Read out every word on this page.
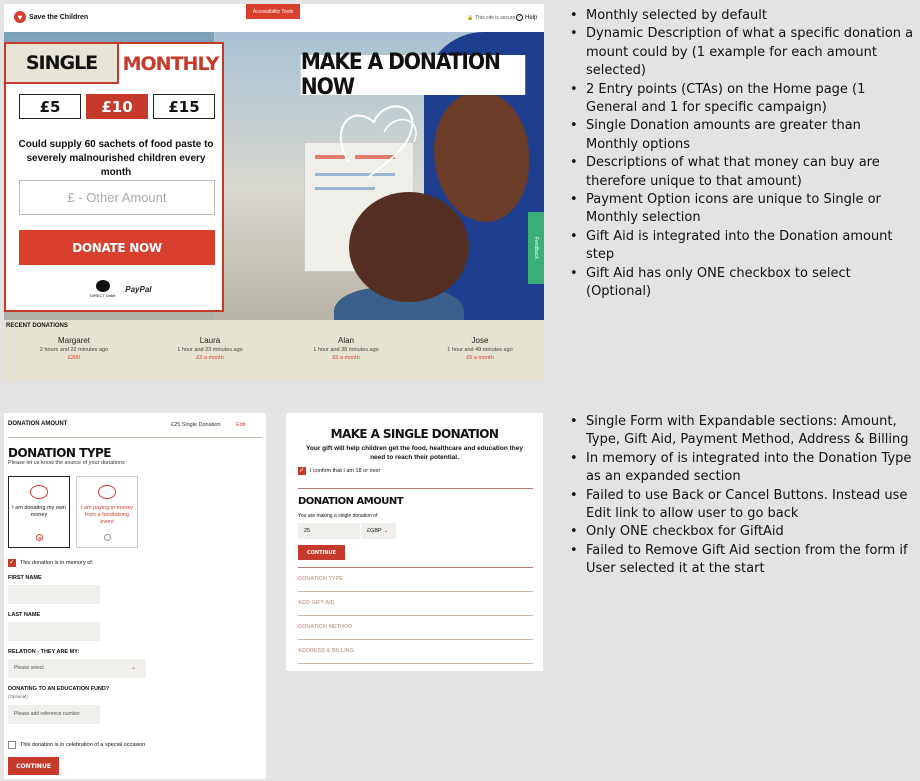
♥ Save the Children
Accessibility Tools
🔒 This site is secure ? Help
MAKE A DONATION NOW
Feedback
SINGLE	MONTHLY
£5	£10	£15
Could supply 60 sachets of food paste to severely malnourished children every month
£ - Other Amount
DONATE NOW
DIRECT Debit
PayPal
RECENT DONATIONS
Margaret
2 hours and 22 minutes ago
£200
Laura
1 hour and 23 minutes ago
£2 a month
Alan
1 hour and 38 minutes ago
£5 a month
Jose
1 hour and 49 minutes ago
£5 a month
• Monthly selected by default
• Dynamic Description of what a specific donation a mount could by (1 example for each amount selected)
• 2 Entry points (CTAs) on the Home page (1 General and 1 for specific campaign)
• Single Donation amounts are greater than Monthly options
• Descriptions of what that money can buy are therefore unique to that amount)
• Payment Option icons are unique to Single or Monthly selection
• Gift Aid is integrated into the Donation amount step
• Gift Aid has only ONE checkbox to select (Optional)
DONATION AMOUNT	£25 Single Donation	Edit
DONATION TYPE
Please let us know the source of your donations
I am donating my own money
I am paying in money from a fundraising event
✓
This donation is in memory of:
FIRST NAME
LAST NAME
RELATION - THEY ARE MY:
Please select	⌄
DONATING TO AN EDUCATION FUND?
(Optional)
Please add reference number
This donation is in celebration of a special occasion
CONTINUE
MAKE A SINGLE DONATION
Your gift will help children get the food, healthcare and education they need to reach their potential.
✓
I confirm that I am 18 or over
DONATION AMOUNT
You are making a single donation of
25	£GBP ⌄
CONTINUE
DONATION TYPE
ADD GIFT AID
DONATION METHOD
ADDRESS & BILLING
• Single Form with Expandable sections: Amount, Type, Gift Aid, Payment Method, Address & Billing
• In memory of is integrated into the Donation Type as an expanded section
• Failed to use Back or Cancel Buttons. Instead use Edit link to allow user to go back
• Only ONE checkbox for GiftAid
• Failed to Remove Gift Aid section from the form if User selected it at the start
